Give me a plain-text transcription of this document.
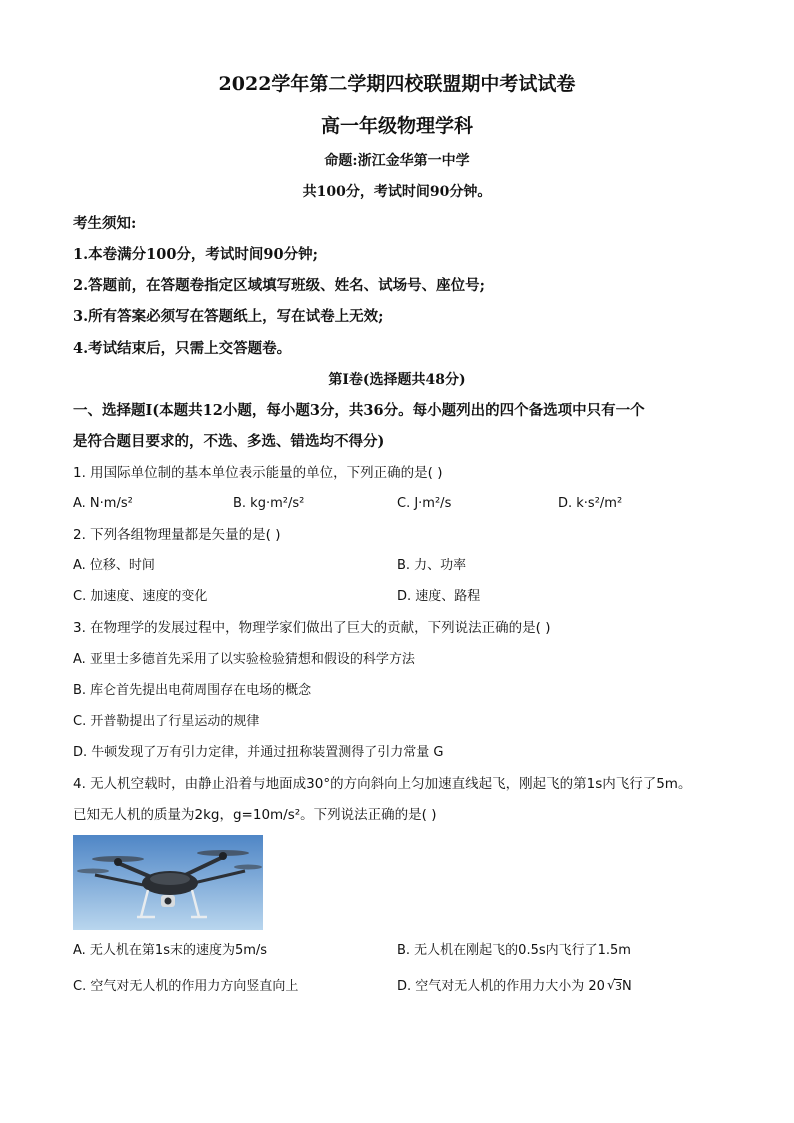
2022学年第二学期四校联盟期中考试试卷
高一年级物理学科
命题:浙江金华第一中学
共100分，考试时间90分钟。
考生须知:
1.本卷满分100分，考试时间90分钟;
2.答题前，在答题卷指定区域填写班级、姓名、试场号、座位号;
3.所有答案必须写在答题纸上，写在试卷上无效;
4.考试结束后，只需上交答题卷。
第Ⅰ卷(选择题共48分)
一、选择题Ⅰ(本题共12小题，每小题3分，共36分。每小题列出的四个备选项中只有一个
是符合题目要求的，不选、多选、错选均不得分)
1. 用国际单位制的基本单位表示能量的单位，下列正确的是( )
A. N·m/s²	B. kg·m²/s²	C. J·m²/s	D. k·s²/m²
2. 下列各组物理量都是矢量的是( )
A. 位移、时间	B. 力、功率
C. 加速度、速度的变化	D. 速度、路程
3. 在物理学的发展过程中，物理学家们做出了巨大的贡献，下列说法正确的是( )
A. 亚里士多德首先采用了以实验检验猜想和假设的科学方法
B. 库仑首先提出电荷周围存在电场的概念
C. 开普勒提出了行星运动的规律
D. 牛顿发现了万有引力定律，并通过扭称装置测得了引力常量 G
4. 无人机空载时，由静止沿着与地面成30°的方向斜向上匀加速直线起飞，刚起飞的第1s内飞行了5m。
已知无人机的质量为2kg，g=10m/s²。下列说法正确的是( )
A. 无人机在第1s末的速度为5m/s	B. 无人机在刚起飞的0.5s内飞行了1.5m
C. 空气对无人机的作用力方向竖直向上	D. 空气对无人机的作用力大小为 20 √ 3N
